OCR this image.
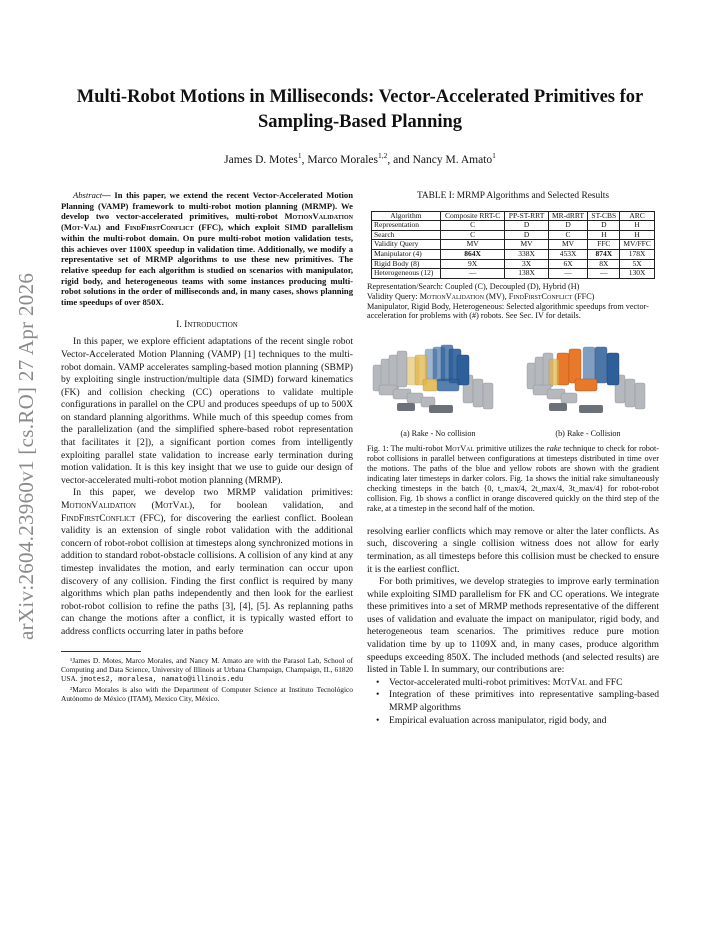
arXiv:2604.23960v1 [cs.RO] 27 Apr 2026
Multi-Robot Motions in Milliseconds: Vector-Accelerated Primitives for Sampling-Based Planning
James D. Motes$^1$, Marco Morales$^{1,2}$, and Nancy M. Amato$^1$

Abstract— In this paper, we extend the recent Vector-Accelerated Motion Planning (VAMP) framework to multi-robot motion planning (MRMP). We develop two vector-accelerated primitives, multi-robot MotionValidation (Mot-Val) and FindFirstConflict (FFC), which exploit SIMD parallelism within the multi-robot domain. On pure multi-robot motion validation tests, this achieves over 1100X speedup in validation time. Additionally, we modify a representative set of MRMP algorithms to use these new primitives. The relative speedup for each algorithm is studied on scenarios with manipulator, rigid body, and heterogeneous teams with some instances producing multi-robot solutions in the order of milliseconds and, in many cases, shows planning time speedups of over 850X.

I. Introduction

In this paper, we explore efficient adaptations of the recent single robot Vector-Accelerated Motion Planning (VAMP) [1] techniques to the multi-robot domain. VAMP accelerates sampling-based motion planning (SBMP) by exploiting single instruction/multiple data (SIMD) forward kinematics (FK) and collision checking (CC) operations to validate multiple configurations in parallel on the CPU and produces speedups of up to 500X on standard planning algorithms. While much of this speedup comes from the parallelization (and the simplified sphere-based robot representation that facilitates it [2]), a significant portion comes from intelligently exploiting parallel state validation to increase early termination during motion validation. It is this key insight that we use to guide our design of vector-accelerated multi-robot motion planning (MRMP).

In this paper, we develop two MRMP validation primitives: MotionValidation (MotVal), for boolean validation, and FindFirstConflict (FFC), for discovering the earliest conflict. Boolean validity is an extension of single robot validation with the additional concern of robot-robot collision at timesteps along synchronized motions in addition to standard robot-obstacle collisions. A collision of any kind at any timestep invalidates the motion, and early termination can occur upon discovery of any collision. Finding the first conflict is required by many algorithms which plan paths independently and then look for the earliest robot-robot collision to refine the paths [3], [4], [5]. As replanning paths can change the motions after a conflict, it is typically wasted effort to address conflicts occurring later in paths before

¹James D. Motes, Marco Morales, and Nancy M. Amato are with the Parasol Lab, School of Computing and Data Science, University of Illinois at Urbana Champaign, Champaign, IL, 61820 USA. jmotes2, moralesa, namato@illinois.edu

²Marco Morales is also with the Department of Computer Science at Instituto Tecnológico Autónomo de México (ITAM), Mexico City, México.

TABLE I: MRMP Algorithms and Selected Results

Algorithm	Composite RRT-C	PP-ST-RRT	MR-dRRT	ST-CBS	ARC
Representation	C	D	D	D	H
Search	C	D	C	H	H
Validity Query	MV	MV	MV	FFC	MV/FFC
Manipulator (4)	864X	338X	453X	874X	178X
Rigid Body (8)	9X	3X	6X	8X	5X
Heterogeneous (12)	—	138X	—	—	130X

Representation/Search: Coupled (C), Decoupled (D), Hybrid (H)

Validity Query: MotionValidation (MV), FindFirstConflict (FFC)

Manipulator, Rigid Body, Heterogeneous: Selected algorithmic speedups from vector-acceleration for problems with (#) robots. See Sec. IV for details.

(a) Rake - No collision	(b) Rake - Collision

Fig. 1: The multi-robot MotVal primitive utilizes the rake technique to check for robot-robot collisions in parallel between configurations at timesteps distributed in time over the motions. The paths of the blue and yellow robots are shown with the gradient indicating later timesteps in darker colors. Fig. 1a shows the initial rake simultaneously checking timesteps in the batch {0, t_max/4, 2t_max/4, 3t_max/4} for robot-robot collision. Fig. 1b shows a conflict in orange discovered quickly on the third step of the rake, at a timestep in the second half of the motion.

resolving earlier conflicts which may remove or alter the later conflicts. As such, discovering a single collision witness does not allow for early termination, as all timesteps before this collision must be checked to ensure it is the earliest conflict.

For both primitives, we develop strategies to improve early termination while exploiting SIMD parallelism for FK and CC operations. We integrate these primitives into a set of MRMP methods representative of the different uses of validation and evaluate the impact on manipulator, rigid body, and heterogeneous team scenarios. The primitives reduce pure motion validation time by up to 1109X and, in many cases, produce algorithm speedups exceeding 850X. The included methods (and selected results) are listed in Table I. In summary, our contributions are:

• Vector-accelerated multi-robot primitives: MotVal and FFC
• Integration of these primitives into representative sampling-based MRMP algorithms
• Empirical evaluation across manipulator, rigid body, and
